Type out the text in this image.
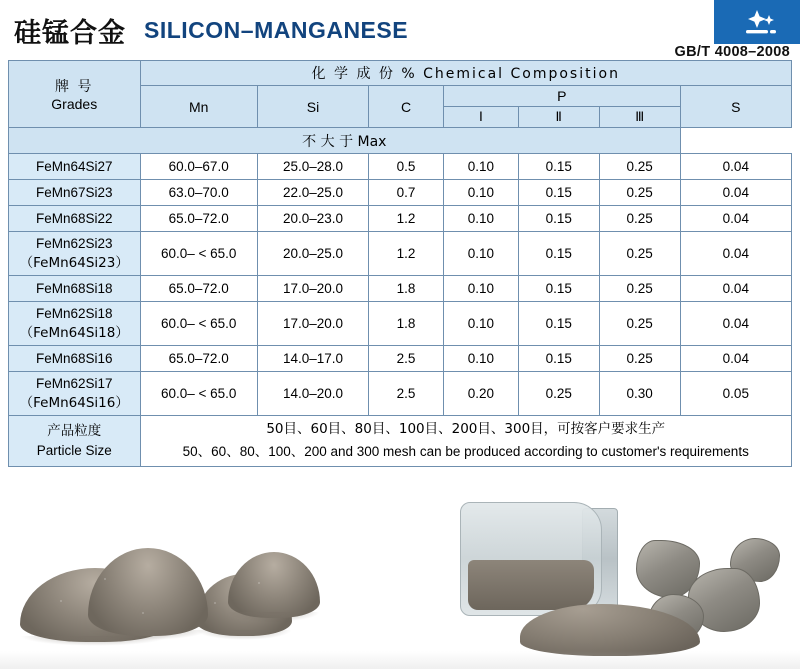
硅锰合金 SILICON–MANGANESE
GB/T 4008–2008
牌 号
Grades	化 学 成 份 % Chemical Composition						
	Mn	Si	C	P			S
				Ⅰ	Ⅱ	Ⅲ	
不 大 于 Max							
FeMn64Si27	60.0–67.0	25.0–28.0	0.5	0.10	0.15	0.25	0.04
FeMn67Si23	63.0–70.0	22.0–25.0	0.7	0.10	0.15	0.25	0.04
FeMn68Si22	65.0–72.0	20.0–23.0	1.2	0.10	0.15	0.25	0.04

FeMn62Si23
（FeMn64Si23）	60.0– < 65.0	20.0–25.0	1.2	0.10	0.15	0.25	0.04
FeMn68Si18	65.0–72.0	17.0–20.0	1.8	0.10	0.15	0.25	0.04

FeMn62Si18
（FeMn64Si18）	60.0– < 65.0	17.0–20.0	1.8	0.10	0.15	0.25	0.04
FeMn68Si16	65.0–72.0	14.0–17.0	2.5	0.10	0.15	0.25	0.04

FeMn62Si17
（FeMn64Si16）	60.0– < 65.0	14.0–20.0	2.5	0.20	0.25	0.30	0.05

产品粒度
Particle Size

50目、60目、80目、100目、200目、300目，可按客户要求生产
50、60、80、100、200 and 300 mesh can be produced according to customer's requirements
